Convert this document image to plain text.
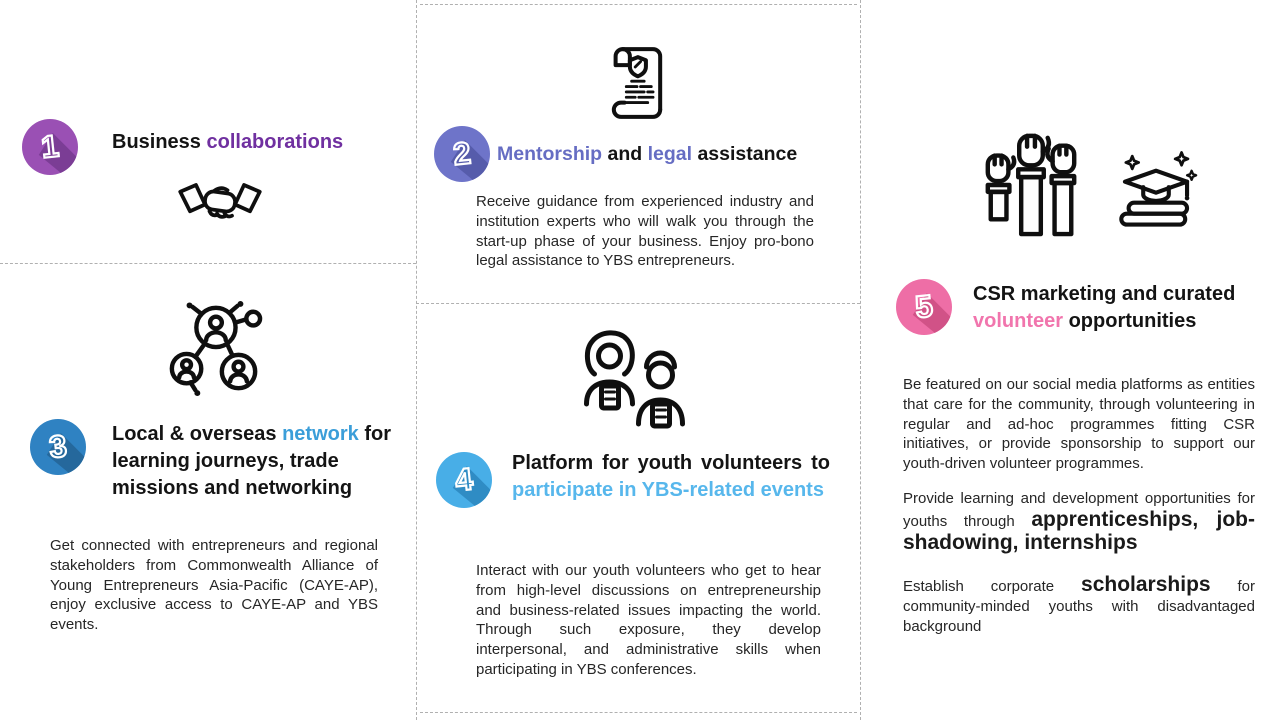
1	Business collaborations
3	Local & overseas network for learning journeys, trade missions and networking
Get connected with entrepreneurs and regional stakeholders from Commonwealth Alliance of Young Entrepreneurs Asia-Pacific (CAYE-AP), enjoy exclusive access to CAYE-AP and YBS events.
2	Mentorship and legal assistance
Receive guidance from experienced industry and institution experts who will walk you through the start-up phase of your business. Enjoy pro-bono legal assistance to YBS entrepreneurs.
4	Platform for youth volunteers to participate in YBS-related events
Interact with our youth volunteers who get to hear from high-level discussions on entrepreneurship and business-related issues impacting the world. Through such exposure, they develop interpersonal, and administrative skills when participating in YBS conferences.
5	CSR marketing and curated volunteer opportunities
Be featured on our social media platforms as entities that care for the community, through volunteering in regular and ad-hoc programmes fitting CSR initiatives, or provide sponsorship to support our youth-driven volunteer programmes.
Provide learning and development opportunities for youths through apprenticeships, job-shadowing, internships
Establish corporate scholarships for community-minded youths with disadvantaged background
